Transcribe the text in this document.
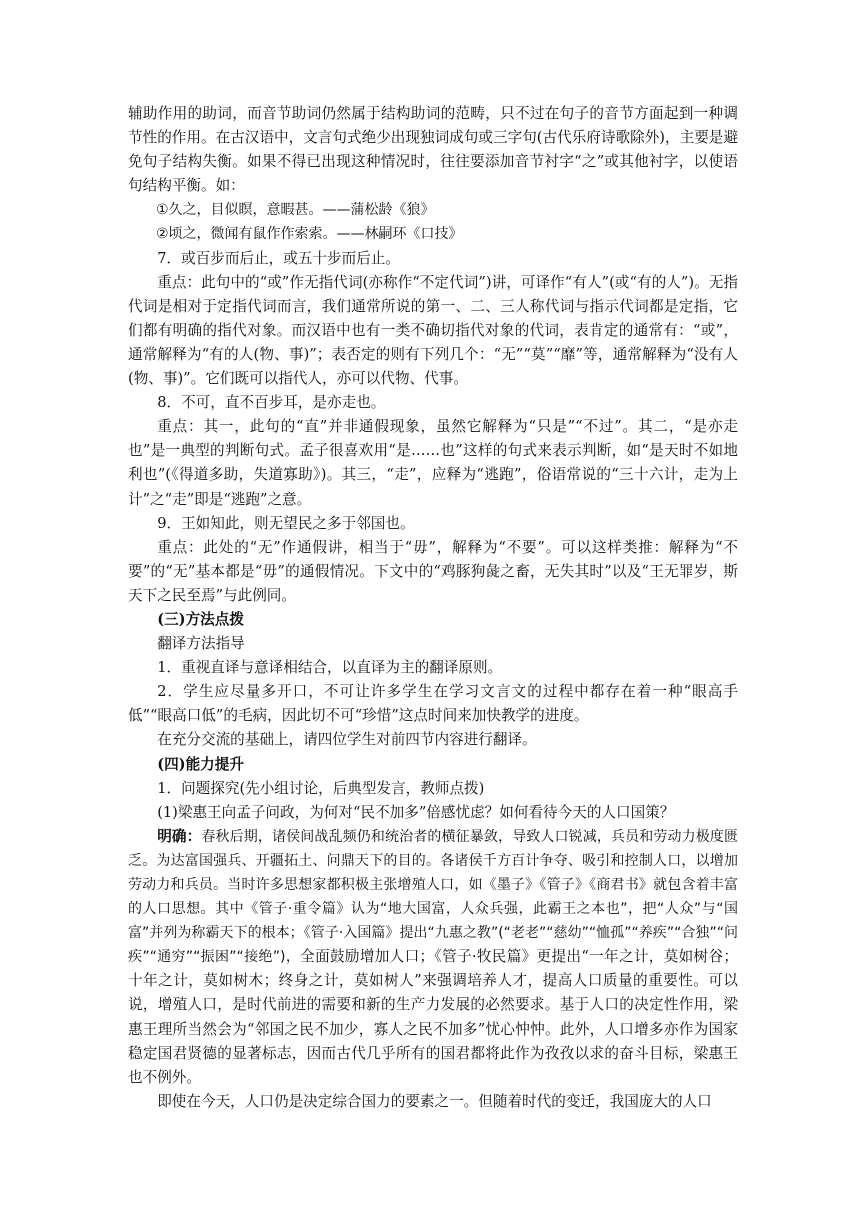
辅助作用的助词，而音节助词仍然属于结构助词的范畴，只不过在句子的音节方面起到一种调节性的作用。在古汉语中，文言句式绝少出现独词成句或三字句(古代乐府诗歌除外)，主要是避免句子结构失衡。如果不得已出现这种情况时，往往要添加音节衬字“之”或其他衬字，以使语句结构平衡。如：

①久之，目似瞑，意暇甚。——蒲松龄《狼》

②顷之，微闻有鼠作作索索。——林嗣环《口技》

7．或百步而后止，或五十步而后止。

重点：此句中的“或”作无指代词(亦称作“不定代词”)讲，可译作“有人”(或“有的人”)。无指代词是相对于定指代词而言，我们通常所说的第一、二、三人称代词与指示代词都是定指，它们都有明确的指代对象。而汉语中也有一类不确切指代对象的代词，表肯定的通常有：“或”，通常解释为“有的人(物、事)”；表否定的则有下列几个：“无”“莫”“靡”等，通常解释为“没有人(物、事)”。它们既可以指代人，亦可以代物、代事。

8．不可，直不百步耳，是亦走也。

重点：其一，此句的“直”并非通假现象，虽然它解释为“只是”“不过”。其二，“是亦走也”是一典型的判断句式。孟子很喜欢用“是……也”这样的句式来表示判断，如“是天时不如地利也”(《得道多助，失道寡助》)。其三，“走”，应释为“逃跑”，俗语常说的“三十六计，走为上计”之“走”即是“逃跑”之意。

9．王如知此，则无望民之多于邻国也。

重点：此处的“无”作通假讲，相当于“毋”，解释为“不要”。可以这样类推：解释为“不要”的“无”基本都是“毋”的通假情况。下文中的“鸡豚狗彘之畜，无失其时”以及“王无罪岁，斯天下之民至焉”与此例同。

(三)方法点拨

翻译方法指导

1．重视直译与意译相结合，以直译为主的翻译原则。

2．学生应尽量多开口，不可让许多学生在学习文言文的过程中都存在着一种“眼高手低”“眼高口低”的毛病，因此切不可“珍惜”这点时间来加快教学的进度。

在充分交流的基础上，请四位学生对前四节内容进行翻译。

(四)能力提升

1．问题探究(先小组讨论，后典型发言，教师点拨)

(1)梁惠王向孟子问政，为何对“民不加多”倍感忧虑？如何看待今天的人口国策？

明确：春秋后期，诸侯间战乱频仍和统治者的横征暴敛，导致人口锐减，兵员和劳动力极度匮乏。为达富国强兵、开疆拓土、问鼎天下的目的。各诸侯千方百计争夺、吸引和控制人口，以增加劳动力和兵员。当时许多思想家都积极主张增殖人口，如《墨子》《管子》《商君书》就包含着丰富的人口思想。其中《管子·重令篇》认为“地大国富，人众兵强，此霸王之本也”，把“人众”与“国富”并列为称霸天下的根本；《管子·入国篇》提出“九惠之教”(“老老”“慈幼”“恤孤”“养疾”“合独”“问疾”“通穷”“振困”“接绝”)，全面鼓励增加人口；《管子·牧民篇》更提出“一年之计，莫如树谷；十年之计，莫如树木；终身之计，莫如树人”来强调培养人才，提高人口质量的重要性。可以说，增殖人口，是时代前进的需要和新的生产力发展的必然要求。基于人口的决定性作用，梁惠王理所当然会为“邻国之民不加少，寡人之民不加多”忧心忡忡。此外，人口增多亦作为国家稳定国君贤德的显著标志，因而古代几乎所有的国君都将此作为孜孜以求的奋斗目标，梁惠王也不例外。

即使在今天，人口仍是决定综合国力的要素之一。但随着时代的变迁，我国庞大的人口
